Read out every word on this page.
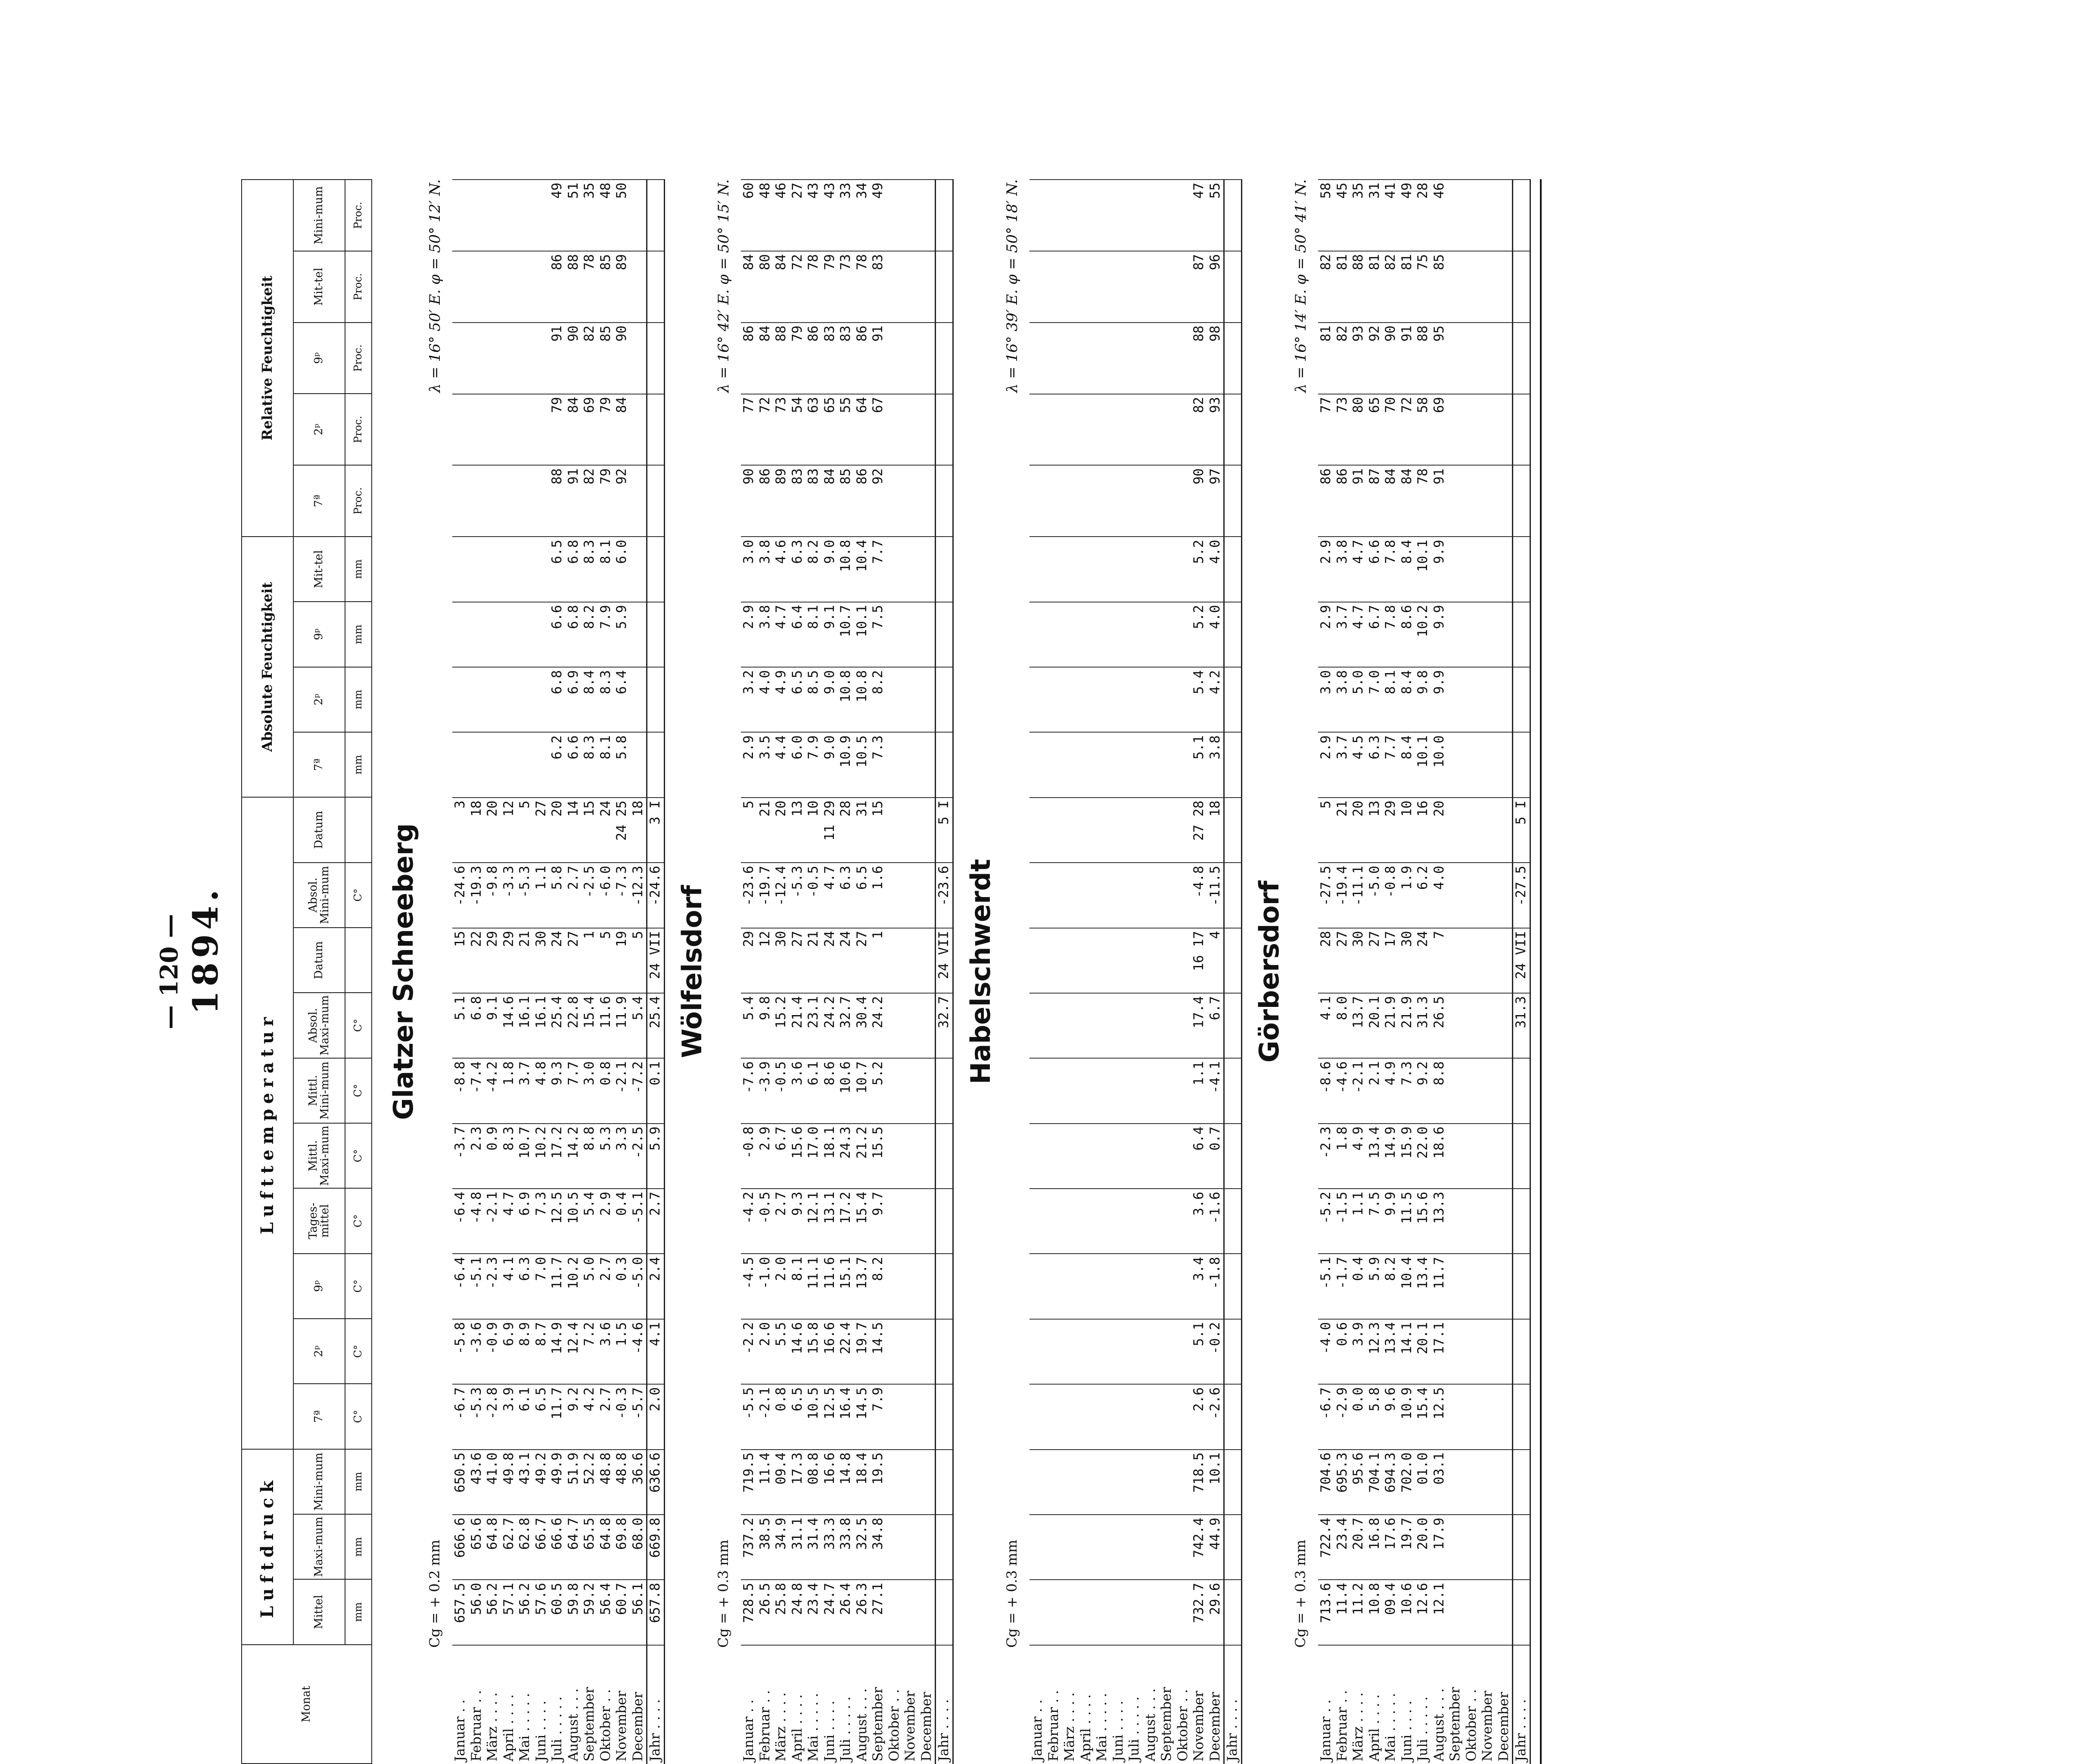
— 120 — 1894.
Monat	Luftdruck			Lufttemperatur										Absolute Feuchtigkeit				Relative Feuchtigkeit				
	Mittel	Maxi-mum	Mini-mum	7ª	2ᵖ	9ᵖ	Tages-mittel	Mittl. Maxi-mum	Mittl. Mini-mum	Absol. Maxi-mum	Datum	Absol. Mini-mum	Datum	7ª	2ᵖ	9ᵖ	Mit-tel	7ª	2ᵖ	9ᵖ	Mit-tel	Mini-mum
	mm	mm	mm	C°	C°	C°	C°	C°	C°	C°		C°		mm	mm	mm	mm	Proc.	Proc.	Proc.	Proc.	Proc.
Glatzer Schneeberg
Cg = + 0.2 mm
λ = 16° 50′ E. φ = 50° 12′ N.
Januar . .	657.5	666.6	650.5	-6.7	-5.8	-6.4	-6.4	-3.7	-8.8	5.1	15	-24.6	3									
Februar . .	56.0	65.6	43.6	-5.3	-3.6	-5.1	-4.8	2.3	-7.4	6.8	22	-19.3	18									
März . . . .	56.2	64.8	41.0	-2.8	-0.9	-2.3	-2.1	0.9	-4.2	9.1	29	-9.8	20									
April . . . .	57.1	62.7	49.8	3.9	6.9	4.1	4.7	8.3	1.8	14.6	29	-3.3	12									
Mai . . . . .	56.2	62.8	43.1	6.1	8.9	6.3	6.9	10.7	3.7	16.1	21	-5.3	5									
Juni . . . .	57.6	66.7	49.2	6.5	8.7	7.0	7.3	10.2	4.8	16.1	30	1.1	27									
Juli . . . . .	60.5	66.6	49.9	11.7	14.9	11.7	12.5	17.2	9.3	25.4	24	5.8	20	6.2	6.8	6.6	6.5	88	79	91	86	49
August . . .	59.8	64.7	51.9	9.2	12.4	10.2	10.5	14.2	7.7	22.8	27	2.7	14	6.6	6.9	6.8	6.8	91	84	90	88	51
September	59.2	65.5	52.2	4.2	7.2	5.0	5.4	8.8	3.0	15.4	1	-2.5	15	8.3	8.4	8.2	8.3	82	69	82	78	35
Oktober . .	56.4	64.8	48.8	2.7	3.6	2.7	2.9	5.3	0.8	11.6	5	-6.0	24	8.1	8.3	7.9	8.1	79	79	85	85	48
November	60.7	69.8	48.8	-0.3	1.5	0.3	0.4	3.3	-2.1	11.9	19	-7.3	24 25	5.8	6.4	5.9	6.0	92	84	90	89	50
December	56.1	68.0	36.6	-5.7	-4.6	-5.0	-5.1	-2.5	-7.2	5.4	5	-12.3	18									
Jahr . . . .	657.8	669.8	636.6	2.0	4.1	2.4	2.7	5.9	0.1	25.4	24 VII	-24.6	3 I									
Wölfelsdorf
Cg = + 0.3 mm
λ = 16° 42′ E. φ = 50° 15′ N.
Januar . .	728.5	737.2	719.5	-5.5	-2.2	-4.5	-4.2	-0.8	-7.6	5.4	29	-23.6	5	2.9	3.2	2.9	3.0	90	77	86	84	60
Februar . .	26.5	38.5	11.4	-2.1	2.0	-1.0	-0.5	2.9	-3.9	9.8	12	-19.7	21	3.5	4.0	3.8	3.8	86	72	84	80	48
März . . . .	25.8	34.9	09.4	0.8	5.5	2.0	2.7	6.7	-0.5	15.2	30	-12.4	20	4.4	4.9	4.7	4.6	89	73	88	84	46
April . . . .	24.8	31.1	17.3	6.5	14.6	8.1	9.3	15.6	3.6	21.4	27	-5.3	13	6.0	6.5	6.4	6.3	83	54	79	72	27
Mai . . . . .	23.4	31.4	08.8	10.5	15.8	11.1	12.1	17.0	6.1	23.1	21	-0.5	10	7.9	8.5	8.1	8.2	83	63	86	78	43
Juni . . . .	24.7	33.3	16.6	12.5	16.6	11.6	13.1	18.1	8.6	24.2	24	4.7	11 29	9.0	9.0	9.1	9.0	84	65	83	79	43
Juli . . . . .	26.4	33.8	14.8	16.4	22.4	15.1	17.2	24.3	10.6	32.7	24	6.3	28	10.9	10.8	10.7	10.8	85	55	83	73	33
August . . .	26.3	32.5	18.4	14.5	19.7	13.7	15.4	21.2	10.7	30.4	27	6.5	31	10.5	10.8	10.1	10.4	86	64	86	78	34
September	27.1	34.8	19.5	7.9	14.5	8.2	9.7	15.5	5.2	24.2	1	1.6	15	7.3	8.2	7.5	7.7	92	67	91	83	49
Oktober . .																						
November																						
December																						
Jahr . . . .										32.7	24 VII	-23.6	5 I									
Habelschwerdt
Cg = + 0.3 mm
λ = 16° 39′ E. φ = 50° 18′ N.
Januar . .																						
Februar . .																						
März . . . .																						
April . . . .																						
Mai . . . . .																						
Juni . . . .																						
Juli . . . . .																						
August . . .																						
September																						
Oktober . .																						
November	732.7	742.4	718.5	2.6	5.1	3.4	3.6	6.4	1.1	17.4	16 17	-4.8	27 28	5.1	5.4	5.2	5.2	90	82	88	87	47
December	29.6	44.9	10.1	-2.6	-0.2	-1.8	-1.6	0.7	-4.1	6.7	4	-11.5	18	3.8	4.2	4.0	4.0	97	93	98	96	55
Jahr . . . .																						
Görbersdorf
Cg = + 0.3 mm
λ = 16° 14′ E. φ = 50° 41′ N.
Januar . .	713.6	722.4	704.6	-6.7	-4.0	-5.1	-5.2	-2.3	-8.6	4.1	28	-27.5	5	2.9	3.0	2.9	2.9	86	77	81	82	58
Februar . .	11.4	23.4	695.3	-2.9	0.6	-1.7	-1.5	1.8	-4.6	8.0	27	-19.4	21	3.7	3.8	3.7	3.8	86	73	82	81	45
März . . . .	11.2	20.7	95.6	0.0	3.9	0.4	1.1	4.9	-2.1	13.7	30	-11.1	20	4.5	5.0	4.7	4.7	91	80	93	88	35
April . . . .	10.8	16.8	704.1	5.8	12.3	5.9	7.5	13.4	2.1	20.1	27	-5.0	13	6.3	7.0	6.7	6.6	87	65	92	81	31
Mai . . . . .	09.4	17.6	694.3	9.6	13.4	8.2	9.9	14.9	4.9	21.9	17	-0.8	29	7.7	8.1	7.8	7.8	84	70	90	82	41
Juni . . . .	10.6	19.7	702.0	10.9	14.1	10.4	11.5	15.9	7.3	21.9	30	1.9	10	8.4	8.4	8.6	8.4	84	72	91	81	49
Juli . . . . .	12.6	20.0	01.0	15.4	20.1	13.4	15.6	22.0	9.2	31.3	24	6.2	16	10.1	9.8	10.2	10.1	78	58	88	75	28
August . . .	12.1	17.9	03.1	12.5	17.1	11.7	13.3	18.6	8.8	26.5	7	4.0	20	10.0	9.9	9.9	9.9	91	69	95	85	46
September																						
Oktober . .																						
November																						
December																						
Jahr . . . .										31.3	24 VII	-27.5	5 I									
